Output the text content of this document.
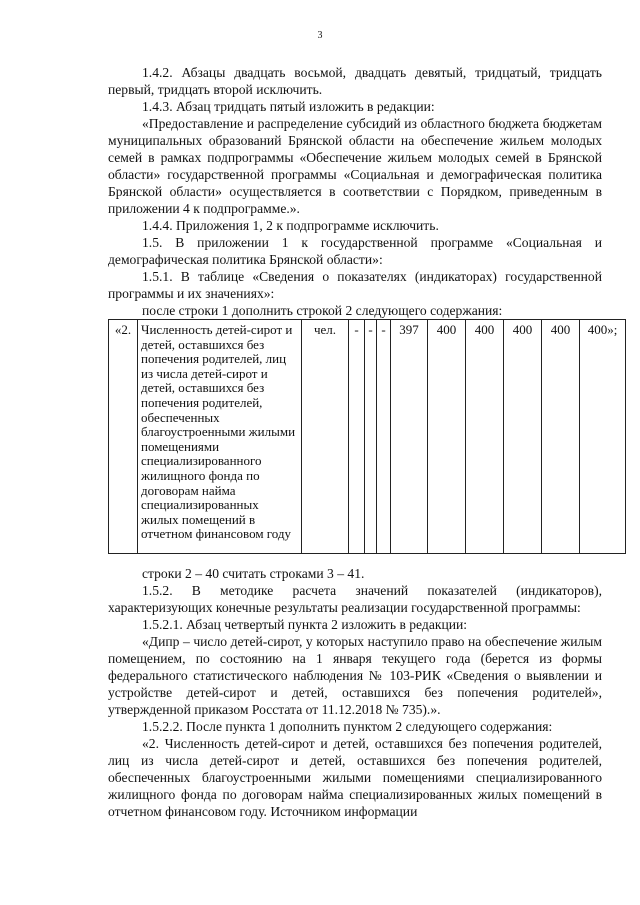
3

1.4.2. Абзацы двадцать восьмой, двадцать девятый, тридцатый, тридцать первый, тридцать второй исключить.

1.4.3. Абзац тридцать пятый изложить в редакции:

«Предоставление и распределение субсидий из областного бюджета бюджетам муниципальных образований Брянской области на обеспечение жильем молодых семей в рамках подпрограммы «Обеспечение жильем молодых семей в Брянской области» государственной программы «Социальная и демографическая политика Брянской области» осуществляется в соответствии с Порядком, приведенным в приложении 4 к подпрограмме.».

1.4.4. Приложения 1, 2 к подпрограмме исключить.

1.5. В приложении 1 к государственной программе «Социальная и демографическая политика Брянской области»:

1.5.1. В таблице «Сведения о показателях (индикаторах) государственной программы и их значениях»:

после строки 1 дополнить строкой 2 следующего содержания:

«2.	Численность детей-сирот и детей, оставшихся без попечения родителей, лиц из числа детей-сирот и детей, оставшихся без попечения родителей, обеспеченных благоустроенными жилыми помещениями специализированного жилищного фонда по договорам найма специализированных жилых помещений в отчетном финансовом году	чел.	-	-	-	397	400	400	400	400	400»;

строки 2 – 40 считать строками 3 – 41.

1.5.2. В методике расчета значений показателей (индикаторов), характеризующих конечные результаты реализации государственной программы:

1.5.2.1. Абзац четвертый пункта 2 изложить в редакции:

«Дипр – число детей-сирот, у которых наступило право на обеспечение жилым помещением, по состоянию на 1 января текущего года (берется из формы федерального статистического наблюдения № 103-РИК «Сведения о выявлении и устройстве детей-сирот и детей, оставшихся без попечения родителей», утвержденной приказом Росстата от 11.12.2018 № 735).».

1.5.2.2. После пункта 1 дополнить пунктом 2 следующего содержания:

«2. Численность детей-сирот и детей, оставшихся без попечения родителей, лиц из числа детей-сирот и детей, оставшихся без попечения родителей, обеспеченных благоустроенными жилыми помещениями специализированного жилищного фонда по договорам найма специализированных жилых помещений в отчетном финансовом году. Источником информации
